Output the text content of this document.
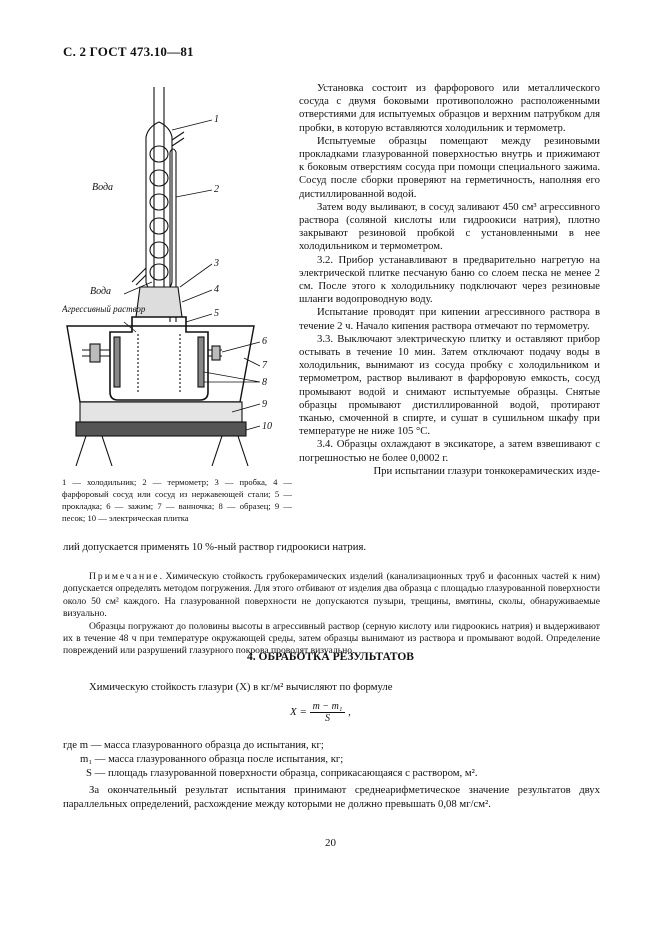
С. 2 ГОСТ 473.10—81
1
2
3
4
5
6
7
8
9
10
Вода
Вода
Агрессивный раствор
1 — холодильник; 2 — термометр; 3 — пробка, 4 — фарфоровый сосуд или сосуд из нержавеющей стали; 5 — прокладка; 6 — зажим; 7 — ванночка; 8 — образец; 9 — песок; 10 — электрическая плитка

Установка состоит из фарфорового или металлического сосуда с двумя боковыми противоположно расположенными отверстиями для испытуемых образцов и верхним патрубком для пробки, в которую вставляются холодильник и термометр.

Испытуемые образцы помещают между резиновыми прокладками глазурованной поверхностью внутрь и прижимают к боковым отверстиям сосуда при помощи специального зажима. Сосуд после сборки проверяют на герметичность, наполняя его дистиллированной водой.

Затем воду выливают, в сосуд заливают 450 см³ агрессивного раствора (соляной кислоты или гидроокиси натрия), плотно закрывают резиновой пробкой с установленными в нее холодильником и термометром.

3.2. Прибор устанавливают в предварительно нагретую на электрической плитке песчаную баню со слоем песка не менее 2 см. После этого к холодильнику подключают через резиновые шланги водопроводную воду.

Испытание проводят при кипении агрессивного раствора в течение 2 ч. Начало кипения раствора отмечают по термометру.

3.3. Выключают электрическую плитку и оставляют прибор остывать в течение 10 мин. Затем отключают подачу воды в холодильник, вынимают из сосуда пробку с холодильником и термометром, раствор выливают в фарфоровую емкость, сосуд промывают водой и снимают испытуемые образцы. Снятые образцы промывают дистиллированной водой, протирают тканью, смоченной в спирте, и сушат в сушильном шкафу при температуре не ниже 105 °С.

3.4. Образцы охлаждают в эксикаторе, а затем взвешивают с погрешностью не более 0,0002 г.

При испытании глазури тонкокерамических изде-

лий допускается применять 10 %-ный раствор гидроокиси натрия.

Примечание. Химическую стойкость грубокерамических изделий (канализационных труб и фасонных частей к ним) допускается определять методом погружения. Для этого отбивают от изделия два образца с площадью глазурованной поверхности около 50 см² каждого. На глазурованной поверхности не допускаются пузыри, трещины, вмятины, сколы, обнаруживаемые визуально.

Образцы погружают до половины высоты в агрессивный раствор (серную кислоту или гидроокись натрия) и выдерживают их в течение 48 ч при температуре окружающей среды, затем образцы вынимают из раствора и промывают водой. Определение повреждений или разрушений глазурного покрова проводят визуально.

4. ОБРАБОТКА РЕЗУЛЬТАТОВ
Химическую стойкость глазури (X) в кг/м² вычисляют по формуле
$X = \frac{\text{m − m₁}}{S}$ ,
где m — масса глазурованного образца до испытания, кг;
m₁ — масса глазурованного образца после испытания, кг;
S — площадь глазурованной поверхности образца, соприкасающаяся с раствором, м².
За окончательный результат испытания принимают среднеарифметическое значение результатов двух параллельных определений, расхождение между которыми не должно превышать 0,08 мг/см².
20
